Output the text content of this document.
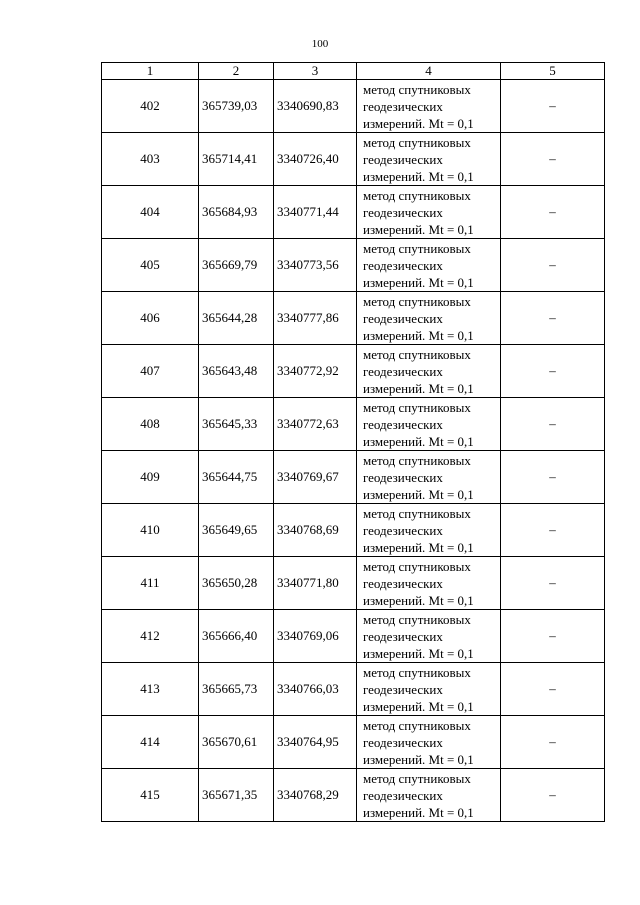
100
1	2	3	4	5
402	365739,03	3340690,83	метод спутниковых
геодезических
измерений. Mt = 0,1	–
403	365714,41	3340726,40	метод спутниковых
геодезических
измерений. Mt = 0,1	–
404	365684,93	3340771,44	метод спутниковых
геодезических
измерений. Mt = 0,1	–
405	365669,79	3340773,56	метод спутниковых
геодезических
измерений. Mt = 0,1	–
406	365644,28	3340777,86	метод спутниковых
геодезических
измерений. Mt = 0,1	–
407	365643,48	3340772,92	метод спутниковых
геодезических
измерений. Mt = 0,1	–
408	365645,33	3340772,63	метод спутниковых
геодезических
измерений. Mt = 0,1	–
409	365644,75	3340769,67	метод спутниковых
геодезических
измерений. Mt = 0,1	–
410	365649,65	3340768,69	метод спутниковых
геодезических
измерений. Mt = 0,1	–
411	365650,28	3340771,80	метод спутниковых
геодезических
измерений. Mt = 0,1	–
412	365666,40	3340769,06	метод спутниковых
геодезических
измерений. Mt = 0,1	–
413	365665,73	3340766,03	метод спутниковых
геодезических
измерений. Mt = 0,1	–
414	365670,61	3340764,95	метод спутниковых
геодезических
измерений. Mt = 0,1	–
415	365671,35	3340768,29	метод спутниковых
геодезических
измерений. Mt = 0,1	–
